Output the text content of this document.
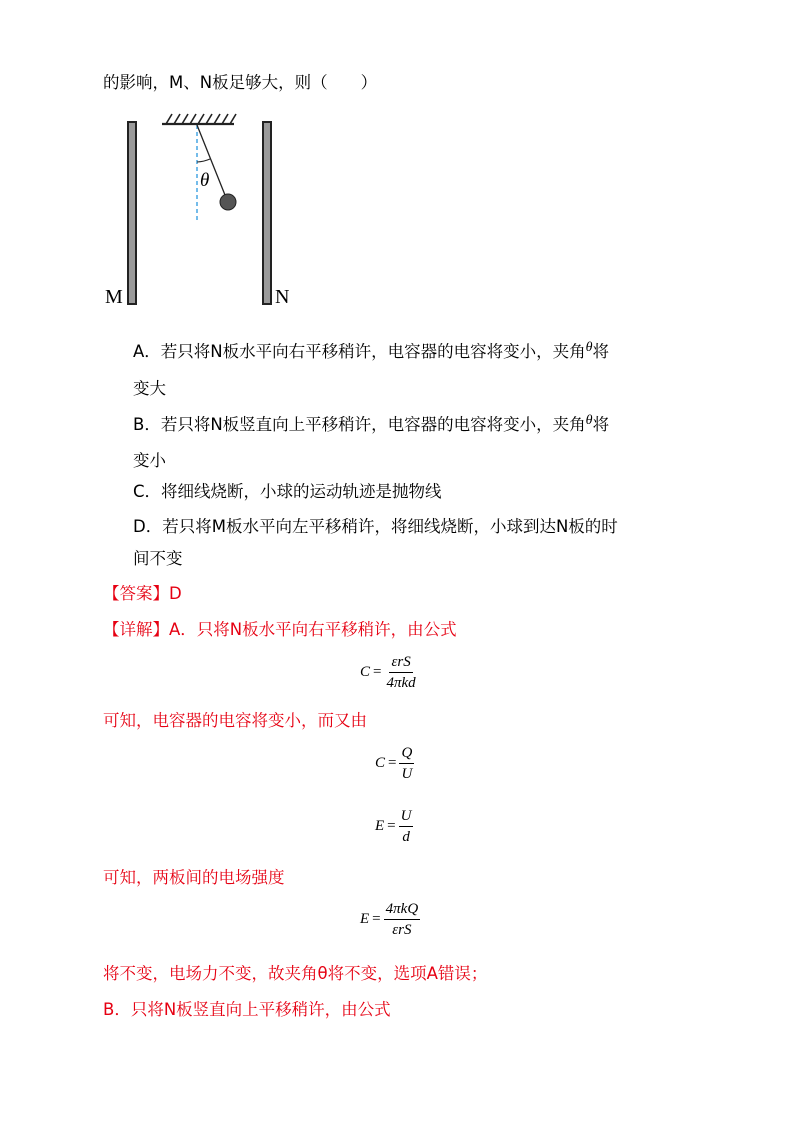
的影响，M、N板足够大，则（　　）
θ
M	N
A．若只将N板水平向右平移稍许，电容器的电容将变小，夹角$^\theta$将
变大
B．若只将N板竖直向上平移稍许，电容器的电容将变小，夹角$^\theta$将
变小
C．将细线烧断，小球的运动轨迹是抛物线
D．若只将M板水平向左平移稍许，将细线烧断，小球到达N板的时
间不变
【答案】D
【详解】A．只将N板水平向右平移稍许，由公式
$C = \frac{\text{εrS}}{\text{4πkd}}$
可知，电容器的电容将变小，而又由
$C = \frac{Q}{U}$
$E = \frac{U}{d}$
可知，两板间的电场强度
$E = \frac{\text{4πkQ}}{\text{εrS}}$
将不变，电场力不变，故夹角θ将不变，选项A错误；
B．只将N板竖直向上平移稍许，由公式
